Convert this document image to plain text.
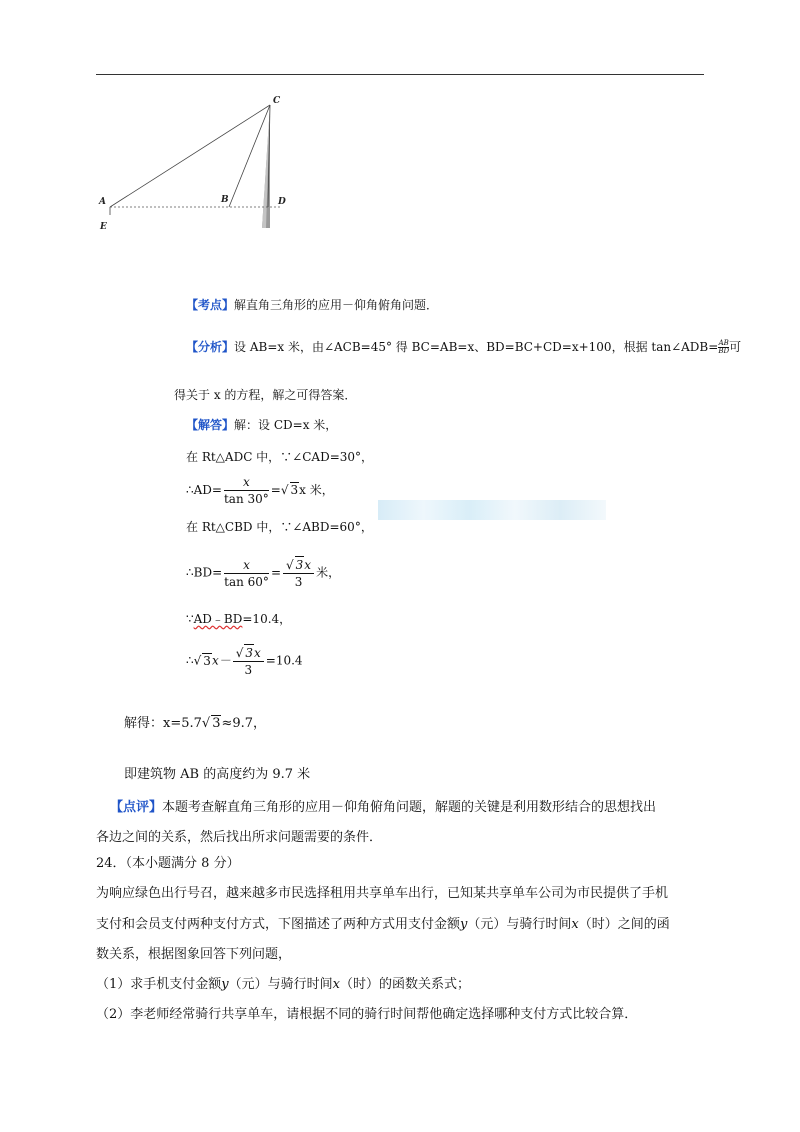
C
A	B	D
E
【考点】解直角三角形的应用－仰角俯角问题．
【分析】设 AB=x 米，由∠ACB=45° 得 BC=AB=x、BD=BC+CD=x+100，根据 tan∠ADB= $\frac{AB}{BD}$可
得关于 x 的方程，解之可得答案．
【解答】解：设 CD=x 米，
在 Rt△ADC 中，∵∠CAD=30°，
∴AD= $\frac{x}{\tan 30^\circ}$ =√ 3x 米，
在 Rt△CBD 中，∵∠ABD=60°，
∴BD= $\frac{x}{\tan 60^\circ} = \frac{√ 3x}{3}$ 米，
∵AD﹣BD=10.4，
∴√ $3x- \frac{√ 3x}{3} =10.4$
解得：x=5.7√ 3≈9.7，
即建筑物 AB 的高度约为 9.7 米
【点评】本题考查解直角三角形的应用－仰角俯角问题，解题的关键是利用数形结合的思想找出
各边之间的关系，然后找出所求问题需要的条件．
24．（本小题满分 8 分）
为响应绿色出行号召，越来越多市民选择租用共享单车出行，已知某共享单车公司为市民提供了手机
支付和会员支付两种支付方式，下图描述了两种方式用支付金额y（元）与骑行时间x（时）之间的函
数关系，根据图象回答下列问题，
（1）求手机支付金额y（元）与骑行时间x（时）的函数关系式；
（2）李老师经常骑行共享单车，请根据不同的骑行时间帮他确定选择哪种支付方式比较合算．
